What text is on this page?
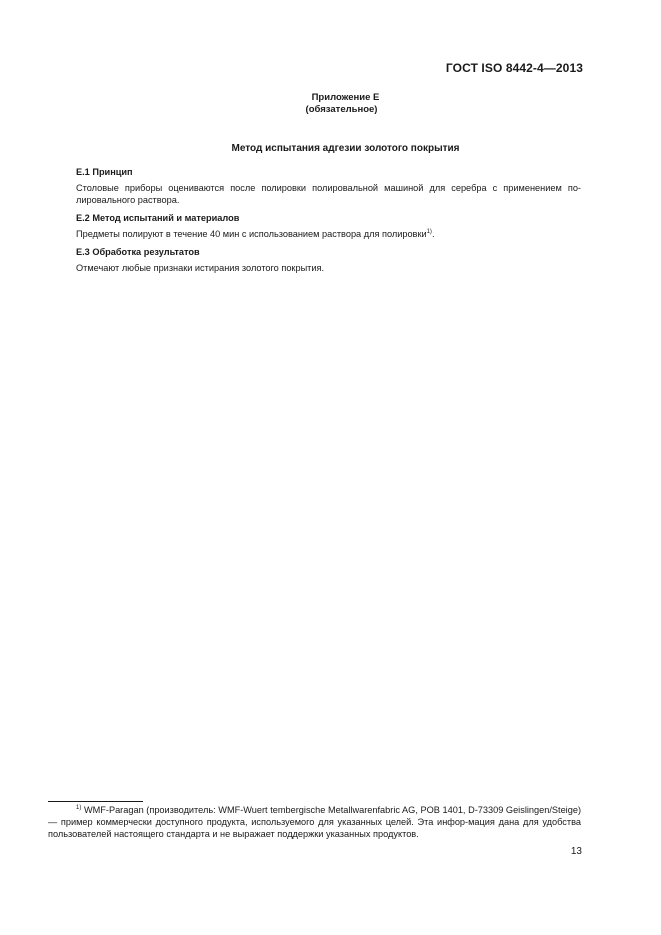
ГОСТ ISO 8442-4—2013
Приложение Е
(обязательное)
Метод испытания адгезии золотого покрытия
Е.1 Принцип

Столовые приборы оцениваются после полировки полировальной машиной для серебра с применением по-лировального раствора.

Е.2 Метод испытаний и материалов

Предметы полируют в течение 40 мин с использованием раствора для полировки$^{1)}$.

Е.3 Обработка результатов

Отмечают любые признаки истирания золотого покрытия.

$^{1)}$ WMF-Paragan (производитель: WMF-Wuert tembergische Metallwarenfabric AG, POB 1401, D-73309 Geislingen/Steige) — пример коммерчески доступного продукта, используемого для указанных целей. Эта инфор-мация дана для удобства пользователей настоящего стандарта и не выражает поддержки указанных продуктов.

13
